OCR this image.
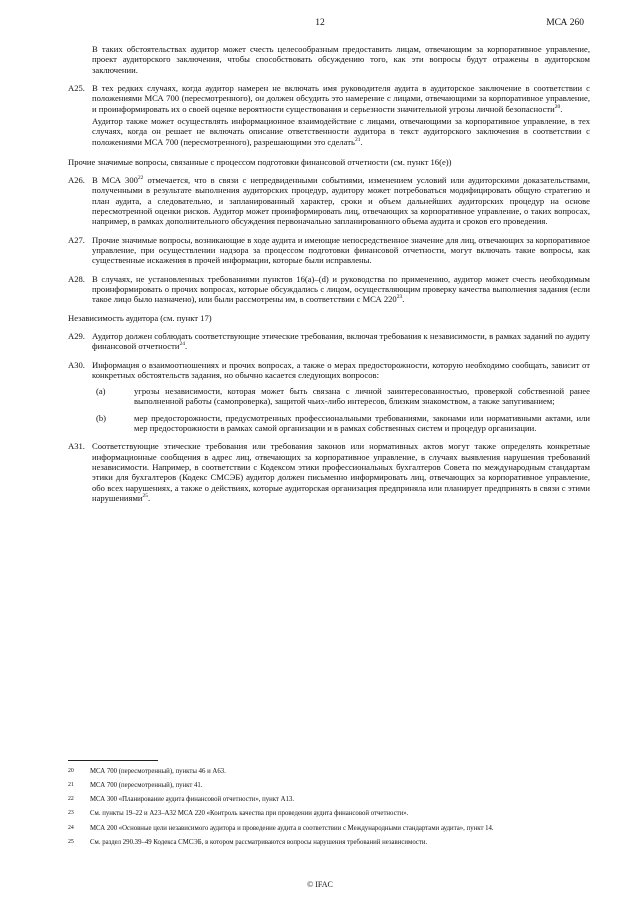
12	МСА 260

В таких обстоятельствах аудитор может счесть целесообразным предоставить лицам, отвечающим за корпоративное управление, проект аудиторского заключения, чтобы способствовать обсуждению того, как эти вопросы будут отражены в аудиторском заключении.

А25. В тех редких случаях, когда аудитор намерен не включать имя руководителя аудита в аудиторское заключение в соответствии с положениями МСА 700 (пересмотренного), он должен обсудить это намерение с лицами, отвечающими за корпоративное управление, и проинформировать их о своей оценке вероятности существования и серьезности значительной угрозы личной безопасности$^{20}$.

Аудитор также может осуществлять информационное взаимодействие с лицами, отвечающими за корпоративное управление, в тех случаях, когда он решает не включать описание ответственности аудитора в текст аудиторского заключения в соответствии с положениями МСА 700 (пересмотренного), разрешающими это сделать$^{21}$.

Прочие значимые вопросы, связанные с процессом подготовки финансовой отчетности (см. пункт 16(e))
А26. В МСА $300^{22}$ отмечается, что в связи с непредвиденными событиями, изменением условий или аудиторскими доказательствами, полученными в результате выполнения аудиторских процедур, аудитору может потребоваться модифицировать общую стратегию и план аудита, а следовательно, и запланированный характер, сроки и объем дальнейших аудиторских процедур на основе пересмотренной оценки рисков. Аудитор может проинформировать лиц, отвечающих за корпоративное управление, о таких вопросах, например, в рамках дополнительного обсуждения первоначально запланированного объема аудита и сроков его проведения.
А27. Прочие значимые вопросы, возникающие в ходе аудита и имеющие непосредственное значение для лиц, отвечающих за корпоративное управление, при осуществлении надзора за процессом подготовки финансовой отчетности, могут включать такие вопросы, как существенные искажения в прочей информации, которые были исправлены.
А28. В случаях, не установленных требованиями пунктов 16(a)–(d) и руководства по применению, аудитор может счесть необходимым проинформировать о прочих вопросах, которые обсуждались с лицом, осуществляющим проверку качества выполнения задания (если такое лицо было назначено), или были рассмотрены им, в соответствии с МСА $220^{23}$.
Независимость аудитора (см. пункт 17)
А29. Аудитор должен соблюдать соответствующие этические требования, включая требования к независимости, в рамках заданий по аудиту финансовой отчетности$^{24}$.
А30. Информация о взаимоотношениях и прочих вопросах, а также о мерах предосторожности, которую необходимо сообщать, зависит от конкретных обстоятельств задания, но обычно касается следующих вопросов:
(a)	угрозы независимости, которая может быть связана с личной заинтересованностью, проверкой собственной ранее выполненной работы (самопроверка), защитой чьих-либо интересов, близким знакомством, а также запугиванием;
(b)	мер предосторожности, предусмотренных профессиональными требованиями, законами или нормативными актами, или мер предосторожности в рамках самой организации и в рамках собственных систем и процедур организации.
А31. Соответствующие этические требования или требования законов или нормативных актов могут также определять конкретные информационные сообщения в адрес лиц, отвечающих за корпоративное управление, в случаях выявления нарушения требований независимости. Например, в соответствии с Кодексом этики профессиональных бухгалтеров Совета по международным стандартам этики для бухгалтеров (Кодекс СМСЭБ) аудитор должен письменно информировать лиц, отвечающих за корпоративное управление, обо всех нарушениях, а также о действиях, которые аудиторская организация предприняла или планирует предпринять в связи с этими нарушениями$^{25}$.
20	МСА 700 (пересмотренный), пункты 46 и A63.
21	МСА 700 (пересмотренный), пункт 41.
22	МСА 300 «Планирование аудита финансовой отчетности», пункт A13.
23	См. пункты 19–22 и A23–A32 МСА 220 «Контроль качества при проведении аудита финансовой отчетности».
24	МСА 200 «Основные цели независимого аудитора и проведение аудита в соответствии с Международными стандартами аудита», пункт 14.
25	См. раздел 290.39–49 Кодекса СМСЭБ, в котором рассматриваются вопросы нарушения требований независимости.
© IFAC
